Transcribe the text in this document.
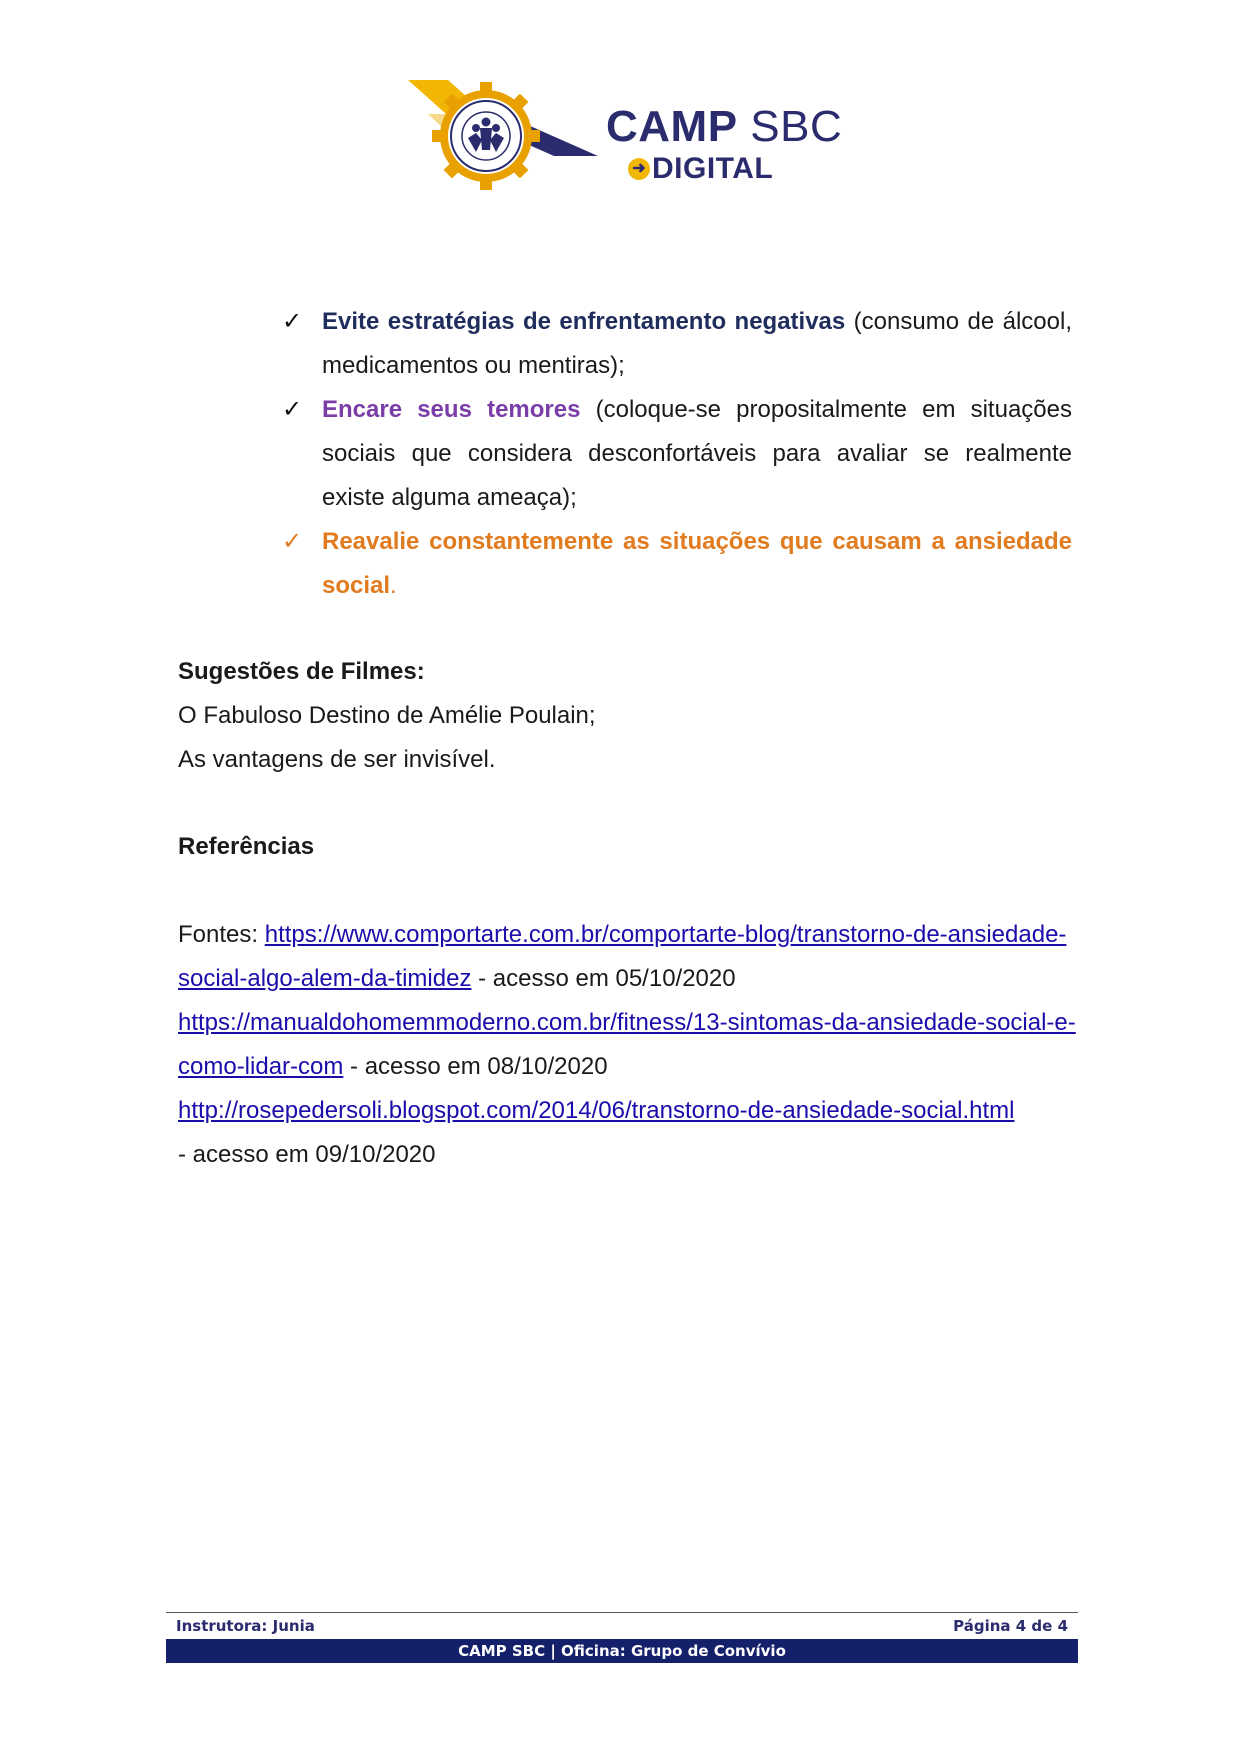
CAMP SBC
➜ DIGITAL
✓ Evite estratégias de enfrentamento negativas (consumo de álcool, medicamentos ou mentiras);
✓ Encare seus temores (coloque-se propositalmente em situações sociais que considera desconfortáveis para avaliar se realmente existe alguma ameaça);
✓ Reavalie constantemente as situações que causam a ansiedade social.
Sugestões de Filmes:
O Fabuloso Destino de Amélie Poulain;
As vantagens de ser invisível.
Referências
Fontes: https://www.comportarte.com.br/comportarte-blog/transtorno-de-ansiedade-social-algo-alem-da-timidez - acesso em 05/10/2020
https://manualdohomemmoderno.com.br/fitness/13-sintomas-da-ansiedade-social-e-como-lidar-com - acesso em 08/10/2020
http://rosepedersoli.blogspot.com/2014/06/transtorno-de-ansiedade-social.html
- acesso em 09/10/2020
Instrutora: Junia	Página 4 de 4
CAMP SBC | Oficina: Grupo de Convívio
